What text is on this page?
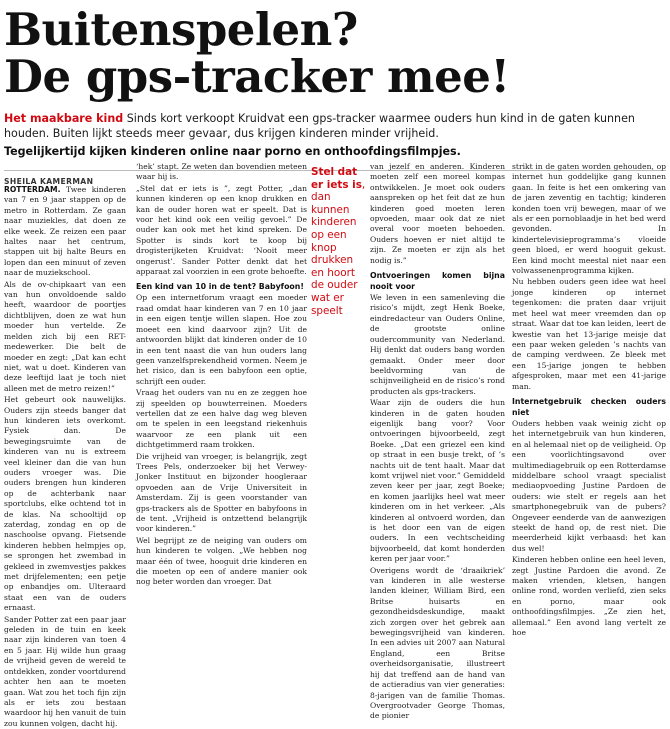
Buitenspelen?
De gps-tracker mee!
Het maakbare kind Sinds kort verkoopt Kruidvat een gps-tracker waarmee ouders hun kind in de gaten kunnen houden. Buiten lijkt steeds meer gevaar, dus krijgen kinderen minder vrijheid.
Tegelijkertijd kijken kinderen online naar porno en onthoofdingsfilmpjes.
SHEILA KAMERMAN

ROTTERDAM. Twee kinderen van 7 en 9 jaar stappen op de metro in Rotterdam. Ze gaan naar muziekles, dat doen ze elke week. Ze reizen een paar haltes naar het centrum, stappen uit bij halte Beurs en lopen dan een minuut of zeven naar de muziekschool.

Als de ov-chipkaart van een van hun onvoldoende saldo heeft, waardoor de poortjes dichtblijven, doen ze wat hun moeder hun vertelde. Ze melden zich bij een RET-medewerker. Die belt de moeder en zegt: „Dat kan echt niet, wat u doet. Kinderen van deze leeftijd laat je toch niet alleen met de metro reizen!”

Het gebeurt ook nauwelijks. Ouders zijn steeds banger dat hun kinderen iets overkomt. Fysiek dan. De bewegingsruimte van de kinderen van nu is extreem veel kleiner dan die van hun ouders vroeger was. Die ouders brengen hun kinderen op de achterbank naar sportclubs, elke ochtend tot in de klas. Na schooltijd op zaterdag, zondag en op de naschoolse opvang. Fietsende kinderen hebben helmpjes op, se sprongen het zwembad in gekleed in zwemvestjes pakkes met drijfelementen; een petje op enbandjes om. Ulteraard staat een van de ouders ernaast.

Sander Potter zat een paar jaar geleden in de tuin en keek naar zijn kinderen van toen 4 en 5 jaar. Hij wilde hun graag de vrijheid geven de wereld te ontdekken, zonder voortdurend achter hen aan te moeten gaan. Wat zou het toch fijn zijn als er iets zou bestaan waardoor hij hen vanuit de tuin zou kunnen volgen, dacht hij.

‘hek’ stapt. Ze weten dan bovendien meteen waar hij is.

„Stel dat er iets is ”, zegt Potter, „dan kunnen kinderen op een knop drukken en kan de ouder horen wat er speelt. Dat is voor het kind ook een veilig gevoel.” De ouder kan ook met het kind spreken. De Spotter is sinds kort te koop bij drogisterijketen Kruidvat: ‘Nooit meer ongerust’. Sander Potter denkt dat het apparaat zal voorzien in een grote behoefte.

Een kind van 10 in de tent? Babyfoon!

Op een internetforum vraagt een moeder raad omdat haar kinderen van 7 en 10 jaar in een eigen tentje willen slapen. Hoe zou moeet een kind daarvoor zijn? Uit de antwoorden blijkt dat kinderen onder de 10 in een tent naast die van hun ouders lang geen vanzelfsprekendheid vormen. Neem je het risico, dan is een babyfoon een optie, schrijft een ouder.

Vraag het ouders van nu en ze zeggen hoe zij speelden op bouwterreinen. Moeders vertellen dat ze een halve dag weg bleven om te spelen in een leegstand riekenhuis waarvoor ze een plank uit een dichtgetimmerd raam trokken.

Die vrijheid van vroeger, is belangrijk, zegt Trees Pels, onderzoeker bij het Verwey-Jonker Instituut en bijzonder hoogleraar opvoeden aan de Vrije Universiteit in Amsterdam. Zij is geen voorstander van gps-trackers als de Spotter en babyfoons in de tent. „Vrijheid is ontzettend belangrijk voor kinderen.”

Wel begrijpt ze de neiging van ouders om hun kinderen te volgen. „We hebben nog maar één of twee, hooguit drie kinderen en die moeten op een of andere manier ook nog beter worden dan vroeger. Dat

Stel dat er iets is, dan kunnen kinderen op een knop drukken en hoort de ouder wat er speelt

van jezelf en anderen. Kinderen moeten zelf een moreel kompas ontwikkelen. Je moet ook ouders aanspreken op het feit dat ze hun kinderen goed moeten leren opvoeden, maar ook dat ze niet overal voor moeten behoeden. Ouders hoeven er niet altijd te zijn. Ze moeten er zijn als het nodig is.”

Ontvoeringen komen bijna nooit voor

We leven in een samenleving die risico’s mijdt, zegt Henk Boeke, eindredacteur van Ouders Online, de grootste online oudercommunity van Nederland. Hij denkt dat ouders bang worden gemaakt. Onder meer door beeldvorming van de schijnveiligheid en de risico’s rond producten als gps-trackers.

Waar zijn de ouders die hun kinderen in de gaten houden eigenlijk bang voor? Voor ontvoeringen bijvoorbeeld, zegt Boeke. „Dat een griezel een kind op straat in een busje trekt, of ’s nachts uit de tent haalt. Maar dat komt vrijwel niet voor.” Gemiddeld zeven keer per jaar, zegt Boeke; en komen jaarlijks heel wat meer kinderen om in het verkeer. „Als kinderen al ontvoerd worden, dan is het door een van de eigen ouders. In een vechtscheiding bijvoorbeeld, dat komt honderden keren per jaar voor.”

Overigens wordt de ‘draaikriek’ van kinderen in alle westerse landen kleiner, William Bird, een Britse huisarts en gezondheidsdeskundige, maakt zich zorgen over het gebrek aan bewegingsvrijheid van kinderen. In een advies uit 2007 aan Natural England, een Britse overheidsorganisatie, illustreert hij dat treffend aan de hand van de actieradius van vier generaties: 8-jarigen van de familie Thomas. Overgrootvader George Thomas, de pionier

strikt in de gaten worden gehouden, op internet hun goddelijke gang kunnen gaan. In feite is het een omkering van de jaren zeventig en tachtig; kinderen konden toen vrij bewegen, maar of we als er een pornoblaadje in het bed werd gevonden. In kindertelevisieprogramma’s vloeide geen bloed, er werd hooguit gekust. Een kind mocht meestal niet naar een volwassenenprogramma kijken.

Nu hebben ouders geen idee wat heel jonge kinderen op internet tegenkomen: die praten daar vrijuit met heel wat meer vreemden dan op straat. Waar dat toe kan leiden, leert de kwestie van het 13-jarige meisje dat een paar weken geleden ’s nachts van de camping verdween. Ze bleek met een 15-jarige jongen te hebben afgesproken, maar met een 41-jarige man.

Internetgebruik checken ouders niet

Ouders hebben vaak weinig zicht op het internetgebruik van hun kinderen, en al helemaal niet op de veiligheid. Op een voorlichtingsavond over multimediagebruik op een Rotterdamse middelbare school vraagt specialist mediaopvoeding Justine Pardoen de ouders: wie stelt er regels aan het smartphonegebruik van de pubers? Ongeveer eenderde van de aanwezigen steekt de hand op, de rest niet. Die meerderheid kijkt verbaasd: het kan dus wel!

Kinderen hebben online een heel leven, zegt Justine Pardoen die avond. Ze maken vrienden, kletsen, hangen online rond, worden verliefd, zien seks en porno, maar ook onthoofdingsfilmpjes. „Ze zien het, allemaal.” Een avond lang vertelt ze hoe
